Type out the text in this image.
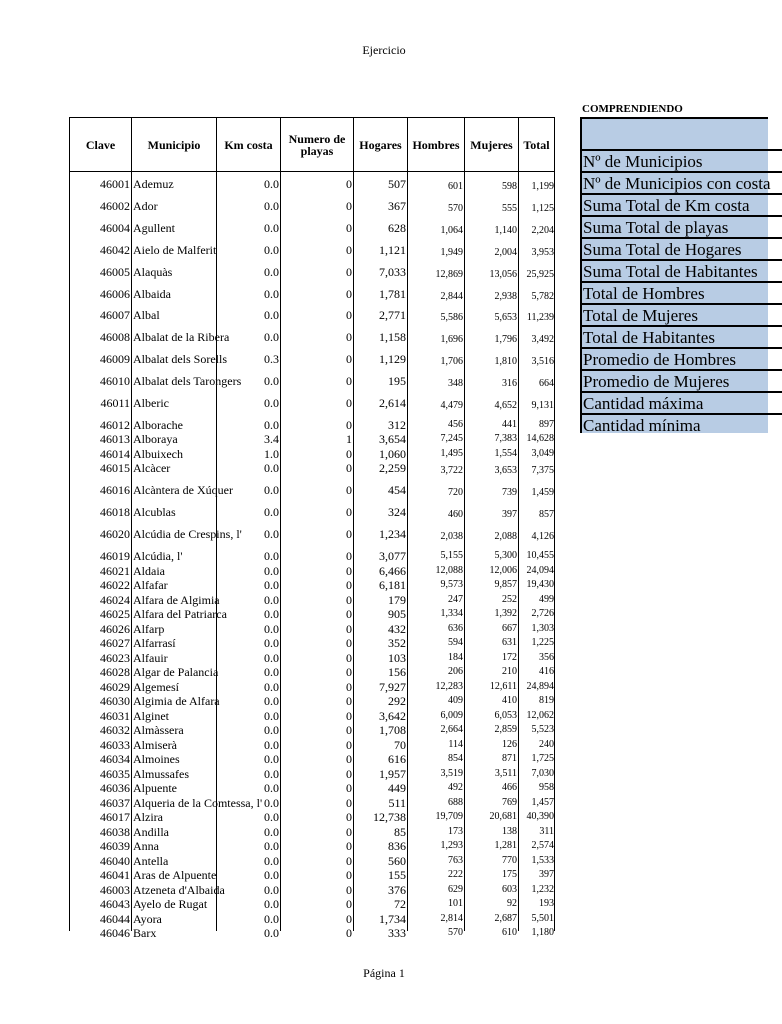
Ejercicio
Clave	Municipio	Km costa	Numero de playas	Hogares Hombres Mujeres Total
46001 Ademuz	0.0	0	507	601	598	1,199
46002 Ador	0.0	0	367	570	555	1,125
46004 Agullent	0.0	0	628	1,064	1,140	2,204
46042 Aielo de Malferit	0.0	0	1,121	1,949	2,004	3,953
46005 Alaquàs	0.0	0	7,033	12,869	13,056 25,925
46006 Albaida	0.0	0	1,781	2,844	2,938	5,782
46007 Albal	0.0	0	2,771	5,586	5,653 11,239
46008 Albalat de la Ribera	0.0	0	1,158	1,696	1,796	3,492
46009 Albalat dels Sorells	0.3	0	1,129	1,706	1,810	3,516
46010 Albalat dels Tarongers	0.0	0	195	348	316	664
46011 Alberic	0.0	0	2,614	4,479	4,652	9,131
46012 Alborache	0.0	0	312	456	441	897
46013 Alboraya	3.4	1	3,654	7,245	7,383 14,628
46014 Albuixech	1.0	0	1,060	1,495	1,554	3,049
46015 Alcàcer	0.0	0	2,259	3,722	3,653	7,375
46016 Alcàntera de Xúquer	0.0	0	454	720	739	1,459
46018 Alcublas	0.0	0	324	460	397	857
46020 Alcúdia de Crespins, l'	0.0	0	1,234	2,038	2,088	4,126
46019 Alcúdia, l'	0.0	0	3,077	5,155	5,300 10,455
46021 Aldaia	0.0	0	6,466	12,088	12,006 24,094
46022 Alfafar	0.0	0	6,181	9,573	9,857 19,430
46024 Alfara de Algimia	0.0	0	179	247	252	499
46025 Alfara del Patriarca	0.0	0	905	1,334	1,392	2,726
46026 Alfarp	0.0	0	432	636	667	1,303
46027 Alfarrasí	0.0	0	352	594	631	1,225
46023 Alfauir	0.0	0	103	184	172	356
46028 Algar de Palancia	0.0	0	156	206	210	416
46029 Algemesí	0.0	0	7,927	12,283	12,611 24,894
46030 Algimia de Alfara	0.0	0	292	409	410	819
46031 Alginet	0.0	0	3,642	6,009	6,053 12,062
46032 Almàssera	0.0	0	1,708	2,664	2,859	5,523
46033 Almiserà	0.0	0	70	114	126	240
46034 Almoines	0.0	0	616	854	871	1,725
46035 Almussafes	0.0	0	1,957	3,519	3,511	7,030
46036 Alpuente	0.0	0	449	492	466	958
46037 Alqueria de la Comtessa, l' 0.0	0	511	688	769	1,457
46017 Alzira	0.0	0	12,738	19,709	20,681 40,390
46038 Andilla	0.0	0	85	173	138	311
46039 Anna	0.0	0	836	1,293	1,281	2,574
46040 Antella	0.0	0	560	763	770	1,533
46041 Aras de Alpuente	0.0	0	155	222	175	397
46003 Atzeneta d'Albaida	0.0	0	376	629	603	1,232
46043 Ayelo de Rugat	0.0	0	72	101	92	193
46044 Ayora	0.0	0	1,734	2,814	2,687	5,501
46046 Barx	0.0	0	333	570	610	1,180
COMPRENDIENDO
Nº de Municipios
Nº de Municipios con costa
Suma Total de Km costa
Suma Total de playas
Suma Total de Hogares
Suma Total de Habitantes
Total de Hombres
Total de Mujeres
Total de Habitantes
Promedio de Hombres
Promedio de Mujeres
Cantidad máxima
Cantidad mínima
Página 1
